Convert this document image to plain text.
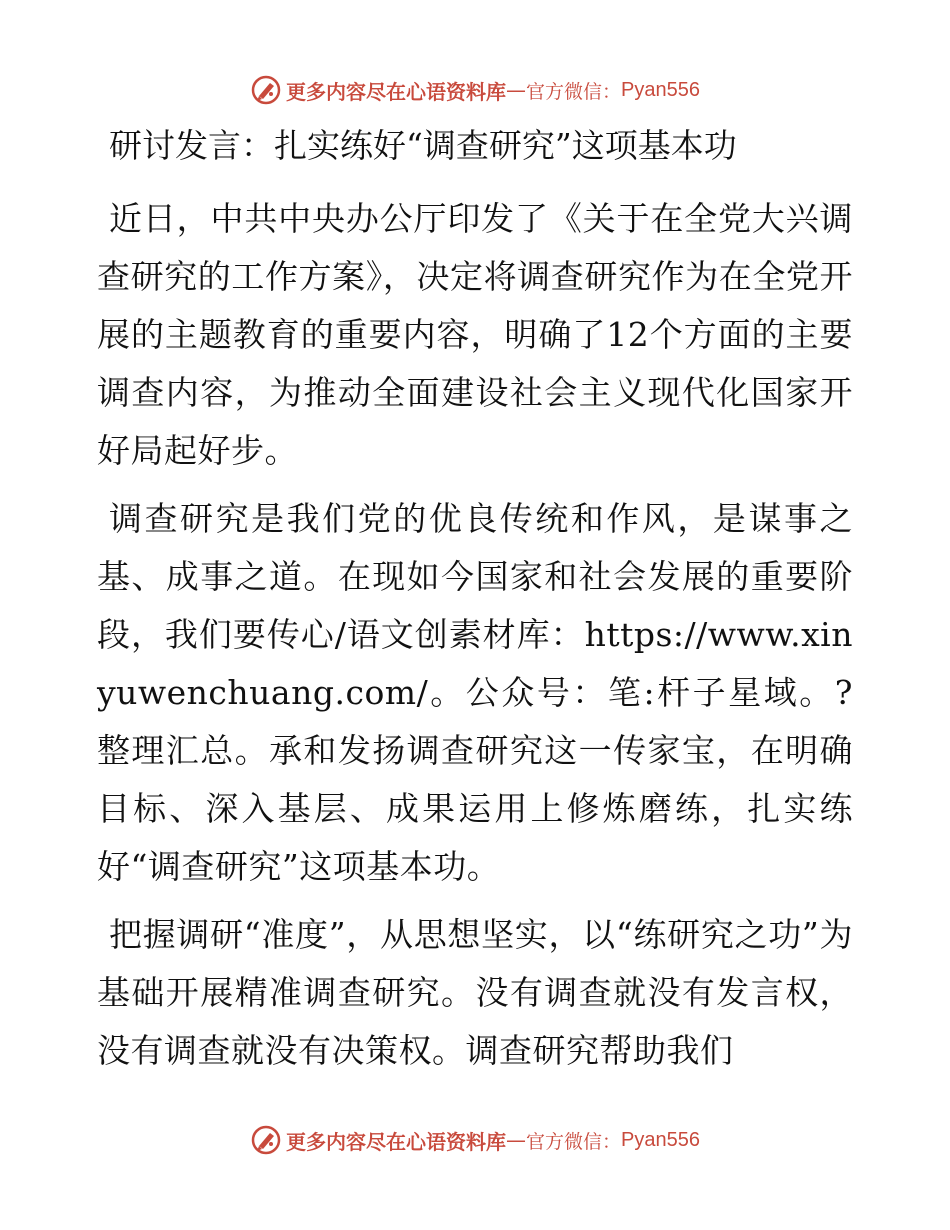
更多内容尽在心语资料库 — 官方微信： Pyan556
研讨发言：扎实练好“调查研究”这项基本功

近日，中共中央办公厅印发了《关于在全党大兴调查研究的工作方案》，决定将调查研究作为在全党开展的主题教育的重要内容，明确了12个方面的主要调查内容，为推动全面建设社会主义现代化国家开好局起好步。

调查研究是我们党的优良传统和作风，是谋事之基、成事之道。在现如今国家和社会发展的重要阶段，我们要传心/语文创素材库：https://www.xinyuwenchuang.com/。公众号：笔:杆子星域。?整理汇总。承和发扬调查研究这一传家宝，在明确目标、深入基层、成果运用上修炼磨练，扎实练好“调查研究”这项基本功。

把握调研“准度”，从思想坚实，以“练研究之功”为基础开展精准调查研究。没有调查就没有发言权，没有调查就没有决策权。调查研究帮助我们

更多内容尽在心语资料库 — 官方微信： Pyan556
